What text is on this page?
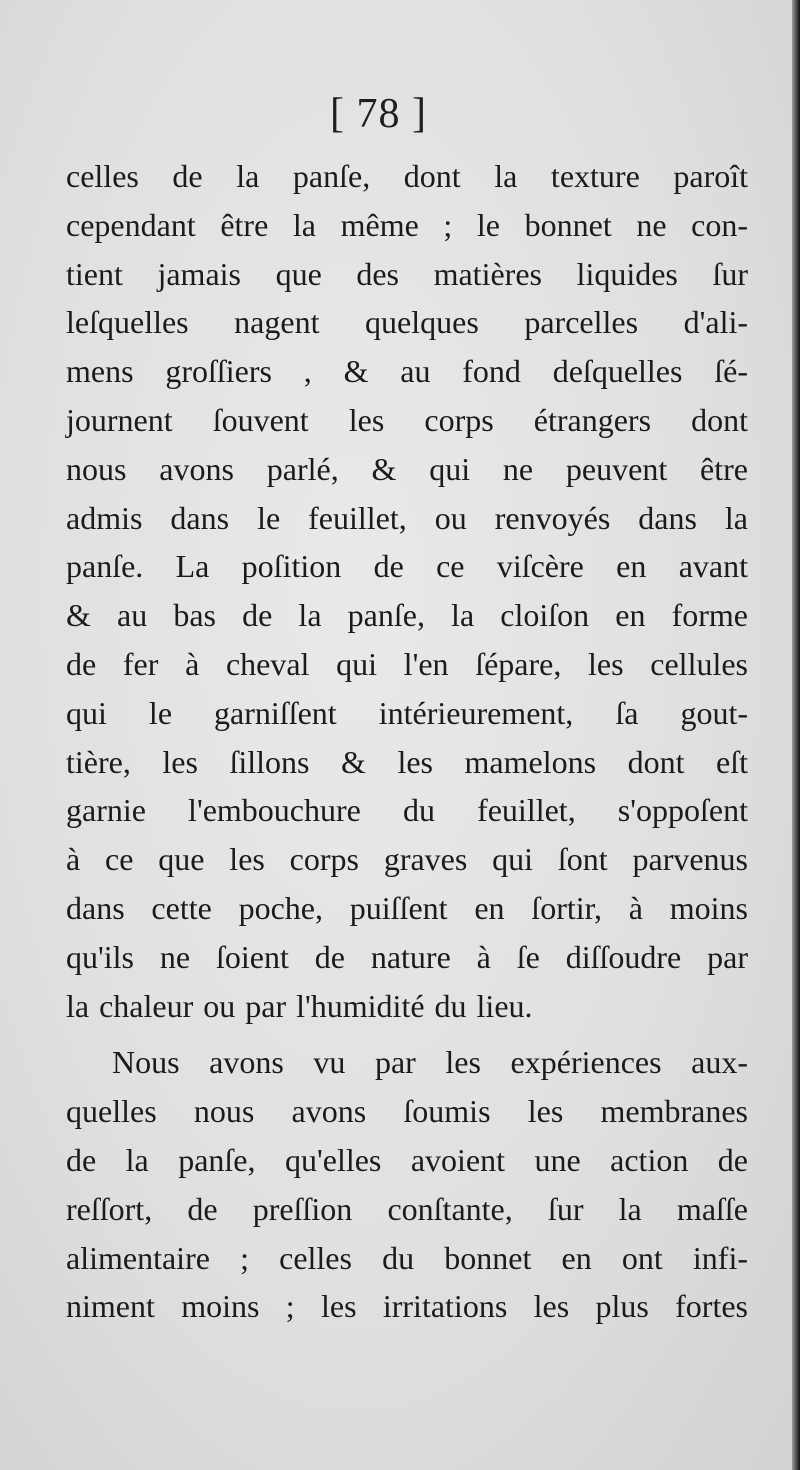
[ 78 ]
celles de la panſe, dont la texture paroît
cependant être la même ; le bonnet ne con-
tient jamais que des matières liquides ſur
leſquelles nagent quelques parcelles d'ali-
mens groſſiers , & au fond deſquelles ſé-
journent ſouvent les corps étrangers dont
nous avons parlé, & qui ne peuvent être
admis dans le feuillet, ou renvoyés dans la
panſe. La poſition de ce viſcère en avant
& au bas de la panſe, la cloiſon en forme
de fer à cheval qui l'en ſépare, les cellules
qui le garniſſent intérieurement, ſa gout-
tière, les ſillons & les mamelons dont eſt
garnie l'embouchure du feuillet, s'oppoſent
à ce que les corps graves qui ſont parvenus
dans cette poche, puiſſent en ſortir, à moins
qu'ils ne ſoient de nature à ſe diſſoudre par
la chaleur ou par l'humidité du lieu.
Nous avons vu par les expériences aux-
quelles nous avons ſoumis les membranes
de la panſe, qu'elles avoient une action de
reſſort, de preſſion conſtante, ſur la maſſe
alimentaire ; celles du bonnet en ont infi-
niment moins ; les irritations les plus fortes
